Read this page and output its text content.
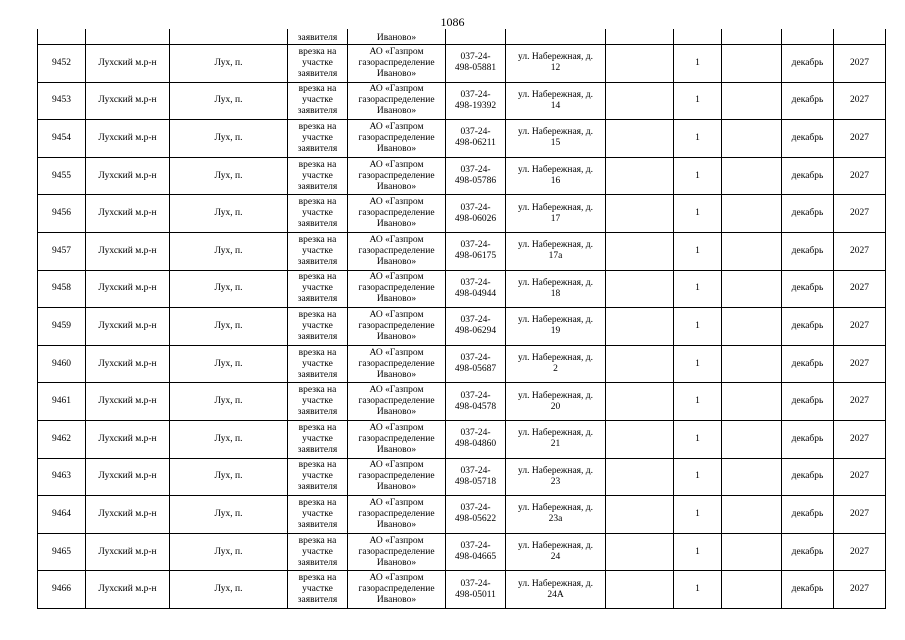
1086
			заявителя	Иваново»							
9452	Лухский м.р-н	Лух, п.	врезка на
участке
заявителя	АО «Газпром
газораспределение
Иваново»	037-24-
498-05881	ул. Набережная, д.
12		1		декабрь	2027
9453	Лухский м.р-н	Лух, п.	врезка на
участке
заявителя	АО «Газпром
газораспределение
Иваново»	037-24-
498-19392	ул. Набережная, д.
14		1		декабрь	2027
9454	Лухский м.р-н	Лух, п.	врезка на
участке
заявителя	АО «Газпром
газораспределение
Иваново»	037-24-
498-06211	ул. Набережная, д.
15		1		декабрь	2027
9455	Лухский м.р-н	Лух, п.	врезка на
участке
заявителя	АО «Газпром
газораспределение
Иваново»	037-24-
498-05786	ул. Набережная, д.
16		1		декабрь	2027
9456	Лухский м.р-н	Лух, п.	врезка на
участке
заявителя	АО «Газпром
газораспределение
Иваново»	037-24-
498-06026	ул. Набережная, д.
17		1		декабрь	2027
9457	Лухский м.р-н	Лух, п.	врезка на
участке
заявителя	АО «Газпром
газораспределение
Иваново»	037-24-
498-06175	ул. Набережная, д.
17а		1		декабрь	2027
9458	Лухский м.р-н	Лух, п.	врезка на
участке
заявителя	АО «Газпром
газораспределение
Иваново»	037-24-
498-04944	ул. Набережная, д.
18		1		декабрь	2027
9459	Лухский м.р-н	Лух, п.	врезка на
участке
заявителя	АО «Газпром
газораспределение
Иваново»	037-24-
498-06294	ул. Набережная, д.
19		1		декабрь	2027
9460	Лухский м.р-н	Лух, п.	врезка на
участке
заявителя	АО «Газпром
газораспределение
Иваново»	037-24-
498-05687	ул. Набережная, д.
2		1		декабрь	2027
9461	Лухский м.р-н	Лух, п.	врезка на
участке
заявителя	АО «Газпром
газораспределение
Иваново»	037-24-
498-04578	ул. Набережная, д.
20		1		декабрь	2027
9462	Лухский м.р-н	Лух, п.	врезка на
участке
заявителя	АО «Газпром
газораспределение
Иваново»	037-24-
498-04860	ул. Набережная, д.
21		1		декабрь	2027
9463	Лухский м.р-н	Лух, п.	врезка на
участке
заявителя	АО «Газпром
газораспределение
Иваново»	037-24-
498-05718	ул. Набережная, д.
23		1		декабрь	2027
9464	Лухский м.р-н	Лух, п.	врезка на
участке
заявителя	АО «Газпром
газораспределение
Иваново»	037-24-
498-05622	ул. Набережная, д.
23а		1		декабрь	2027
9465	Лухский м.р-н	Лух, п.	врезка на
участке
заявителя	АО «Газпром
газораспределение
Иваново»	037-24-
498-04665	ул. Набережная, д.
24		1		декабрь	2027
9466	Лухский м.р-н	Лух, п.	врезка на
участке
заявителя	АО «Газпром
газораспределение
Иваново»	037-24-
498-05011	ул. Набережная, д.
24А		1		декабрь	2027
